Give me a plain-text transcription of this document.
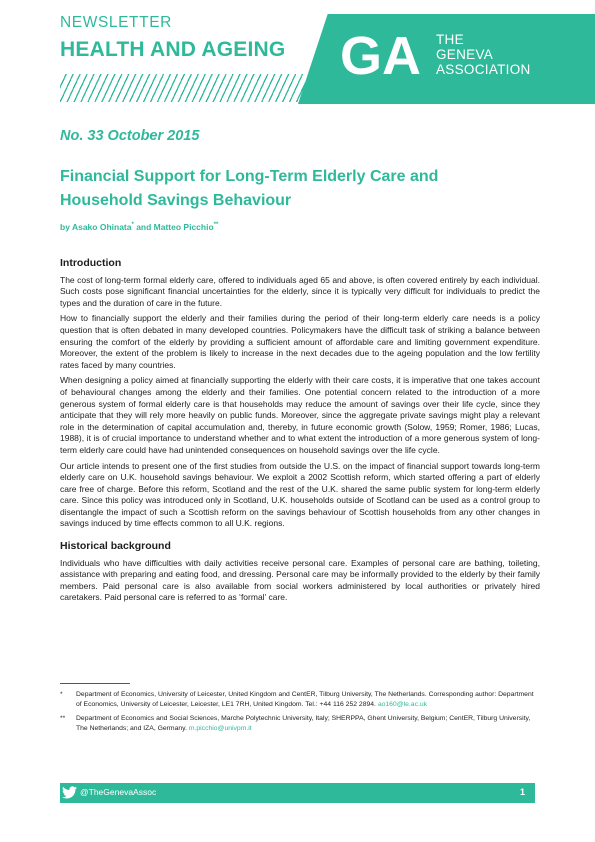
NEWSLETTER
HEALTH AND AGEING GA THE
GENEVA
ASSOCIATION
No. 33 October 2015
Financial Support for Long-Term Elderly Care and
Household Savings Behaviour
by Asako Ohinata* and Matteo Picchio**
Introduction

The cost of long-term formal elderly care, offered to individuals aged 65 and above, is often covered entirely by each individual. Such costs pose significant financial uncertainties for the elderly, since it is typically very difficult for individuals to predict the types and the duration of care in the future.

How to financially support the elderly and their families during the period of their long-term elderly care needs is a policy question that is often debated in many developed countries. Policymakers have the difficult task of striking a balance between ensuring the comfort of the elderly by providing a sufficient amount of affordable care and limiting government expenditure. Moreover, the extent of the problem is likely to increase in the next decades due to the ageing population and the low fertility rates faced by many countries.

When designing a policy aimed at financially supporting the elderly with their care costs, it is imperative that one takes account of behavioural changes among the elderly and their families. One potential concern related to the introduction of a more generous system of formal elderly care is that households may reduce the amount of savings over their life cycle, since they anticipate that they will rely more heavily on public funds. Moreover, since the aggregate private savings might play a relevant role in the determination of capital accumulation and, thereby, in future economic growth (Solow, 1959; Romer, 1986; Lucas, 1988), it is of crucial importance to understand whether and to what extent the introduction of a more generous system of long-term elderly care could have had unintended consequences on household savings over the life cycle.

Our article intends to present one of the first studies from outside the U.S. on the impact of financial support towards long-term elderly care on U.K. household savings behaviour. We exploit a 2002 Scottish reform, which started offering a part of elderly care free of charge. Before this reform, Scotland and the rest of the U.K. shared the same public system for long-term elderly care. Since this policy was introduced only in Scotland, U.K. households outside of Scotland can be used as a control group to disentangle the impact of such a Scottish reform on the savings behaviour of Scottish households from any other changes in savings induced by time effects common to all U.K. regions.

Historical background

Individuals who have difficulties with daily activities receive personal care. Examples of personal care are bathing, toileting, assistance with preparing and eating food, and dressing. Personal care may be informally provided to the elderly by their family members. Paid personal care is also available from social workers administered by local authorities or privately hired caretakers. Paid personal care is referred to as ‘formal’ care.

*	Department of Economics, University of Leicester, United Kingdom and CentER, Tilburg University, The Netherlands. Corresponding author: Department of Economics, University of Leicester, Leicester, LE1 7RH, United Kingdom. Tel.: +44 116 252 2894. ao160@le.ac.uk
**	Department of Economics and Social Sciences, Marche Polytechnic University, Italy; SHERPPA, Ghent University, Belgium; CentER, Tilburg University, The Netherlands; and IZA, Germany. m.picchio@univpm.it
@TheGenevaAssoc	1
